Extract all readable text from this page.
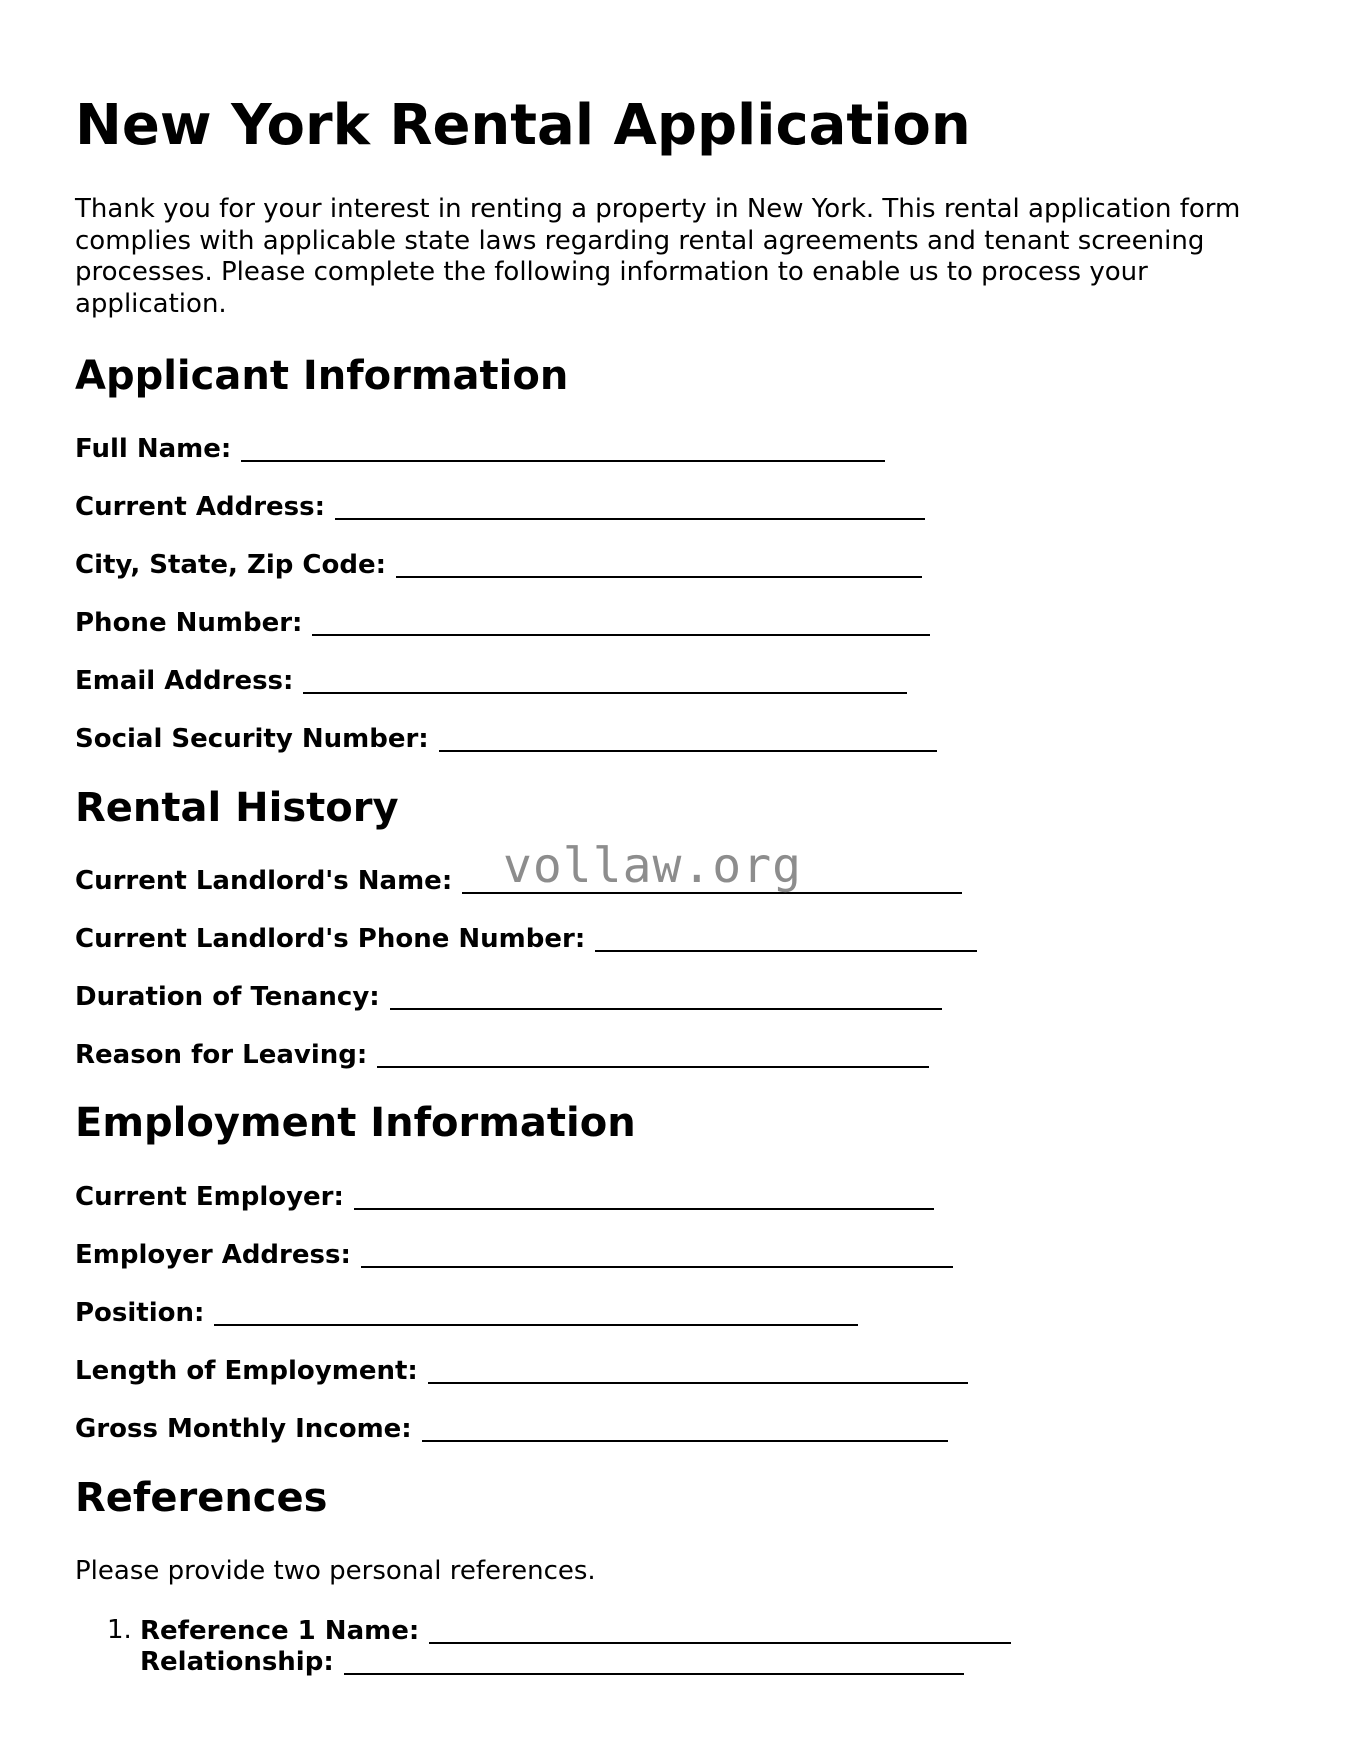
New York Rental Application

Thank you for your interest in renting a property in New York. This rental application form complies with applicable state laws regarding rental agreements and tenant screening processes. Please complete the following information to enable us to process your application.

Applicant Information
Full Name:
Current Address:
City, State, Zip Code:
Phone Number:
Email Address:
Social Security Number:
Rental History
Current Landlord's Name:
Current Landlord's Phone Number:
Duration of Tenancy:
Reason for Leaving:
Employment Information
Current Employer:
Employer Address:
Position:
Length of Employment:
Gross Monthly Income:
References

Please provide two personal references.

1. Reference 1 Name:
Relationship:
vollaw.org
